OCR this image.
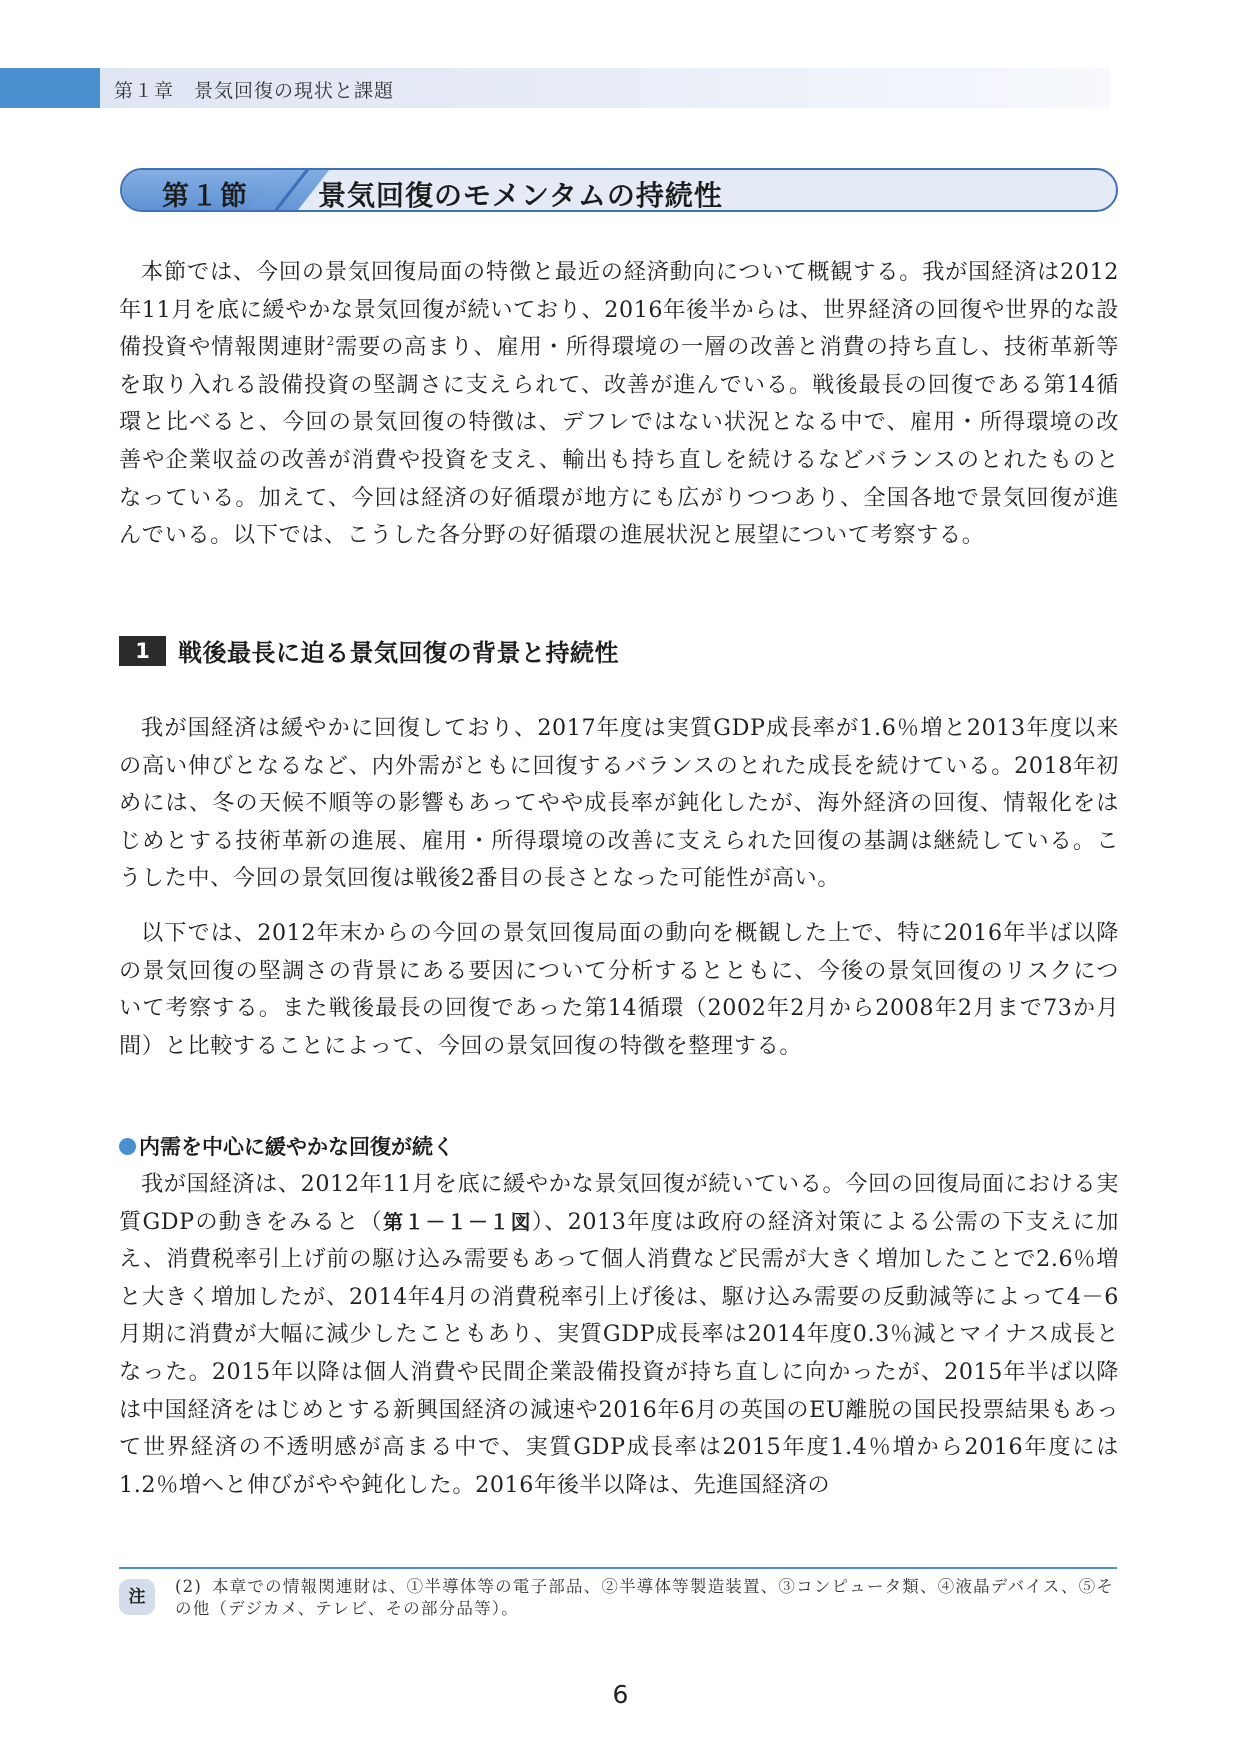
第１章　景気回復の現状と課題
第１節 景気回復のモメンタムの持続性

本節では、今回の景気回復局面の特徴と最近の経済動向について概観する。我が国経済は2012年11月を底に緩やかな景気回復が続いており、2016年後半からは、世界経済の回復や世界的な設備投資や情報関連財$^2$需要の高まり、雇用・所得環境の一層の改善と消費の持ち直し、技術革新等を取り入れる設備投資の堅調さに支えられて、改善が進んでいる。戦後最長の回復である第14循環と比べると、今回の景気回復の特徴は、デフレではない状況となる中で、雇用・所得環境の改善や企業収益の改善が消費や投資を支え、輸出も持ち直しを続けるなどバランスのとれたものとなっている。加えて、今回は経済の好循環が地方にも広がりつつあり、全国各地で景気回復が進んでいる。以下では、こうした各分野の好循環の進展状況と展望について考察する。

1 戦後最長に迫る景気回復の背景と持続性

我が国経済は緩やかに回復しており、2017年度は実質GDP成長率が1.6％増と2013年度以来の高い伸びとなるなど、内外需がともに回復するバランスのとれた成長を続けている。2018年初めには、冬の天候不順等の影響もあってやや成長率が鈍化したが、海外経済の回復、情報化をはじめとする技術革新の進展、雇用・所得環境の改善に支えられた回復の基調は継続している。こうした中、今回の景気回復は戦後2番目の長さとなった可能性が高い。

以下では、2012年末からの今回の景気回復局面の動向を概観した上で、特に2016年半ば以降の景気回復の堅調さの背景にある要因について分析するとともに、今後の景気回復のリスクについて考察する。また戦後最長の回復であった第14循環（2002年2月から2008年2月まで73か月間）と比較することによって、今回の景気回復の特徴を整理する。

内需を中心に緩やかな回復が続く

我が国経済は、2012年11月を底に緩やかな景気回復が続いている。今回の回復局面における実質GDPの動きをみると（第１－１－１図）、2013年度は政府の経済対策による公需の下支えに加え、消費税率引上げ前の駆け込み需要もあって個人消費など民需が大きく増加したことで2.6％増と大きく増加したが、2014年4月の消費税率引上げ後は、駆け込み需要の反動減等によって4－6月期に消費が大幅に減少したこともあり、実質GDP成長率は2014年度0.3％減とマイナス成長となった。2015年以降は個人消費や民間企業設備投資が持ち直しに向かったが、2015年半ば以降は中国経済をはじめとする新興国経済の減速や2016年6月の英国のEU離脱の国民投票結果もあって世界経済の不透明感が高まる中で、実質GDP成長率は2015年度1.4％増から2016年度には1.2％増へと伸びがやや鈍化した。2016年後半以降は、先進国経済の

注

(2) 本章での情報関連財は、①半導体等の電子部品、②半導体等製造装置、③コンピュータ類、④液晶デバイス、⑤その他（デジカメ、テレビ、その部分品等）。

6
